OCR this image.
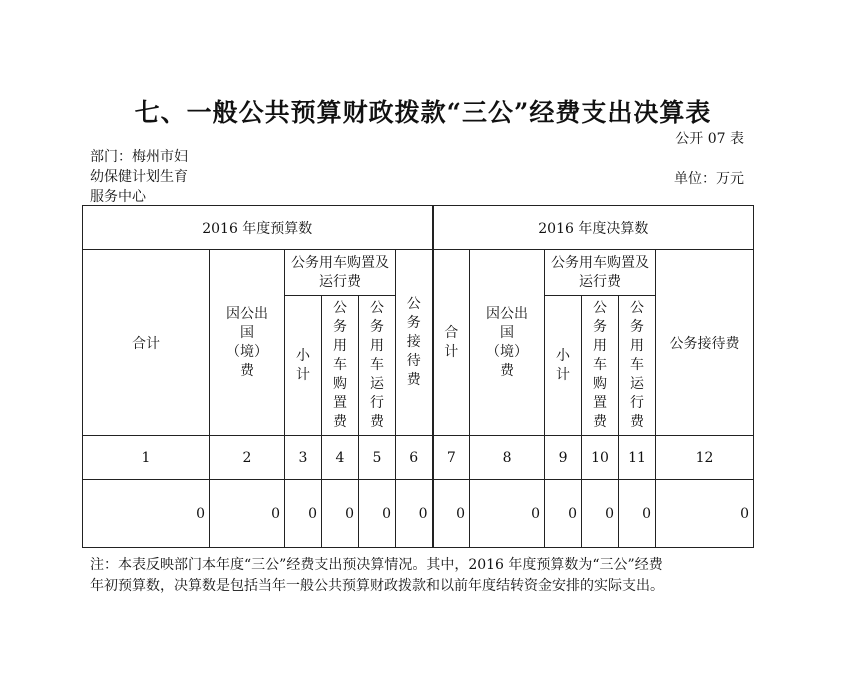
七、一般公共预算财政拨款“三公”经费支出决算表
公开 07 表
部门：梅州市妇
幼保健计划生育
服务中心
单位：万元
2016 年度预算数						2016 年度决算数					
合计	因公出国（境）费	公务用车购置及运行费			公务接待费	合计	因公出国（境）费	公务用车购置及运行费			公务接待费
		小计	公务用车购置费	公务用车运行费				小计	公务用车购置费	公务用车运行费	
1	2	3	4	5	6	7	8	9	10	11	12
0	0	0	0	0	0	0	0	0	0	0	0
注：本表反映部门本年度“三公”经费支出预决算情况。其中，2016 年度预算数为“三公”经费
年初预算数，决算数是包括当年一般公共预算财政拨款和以前年度结转资金安排的实际支出。
